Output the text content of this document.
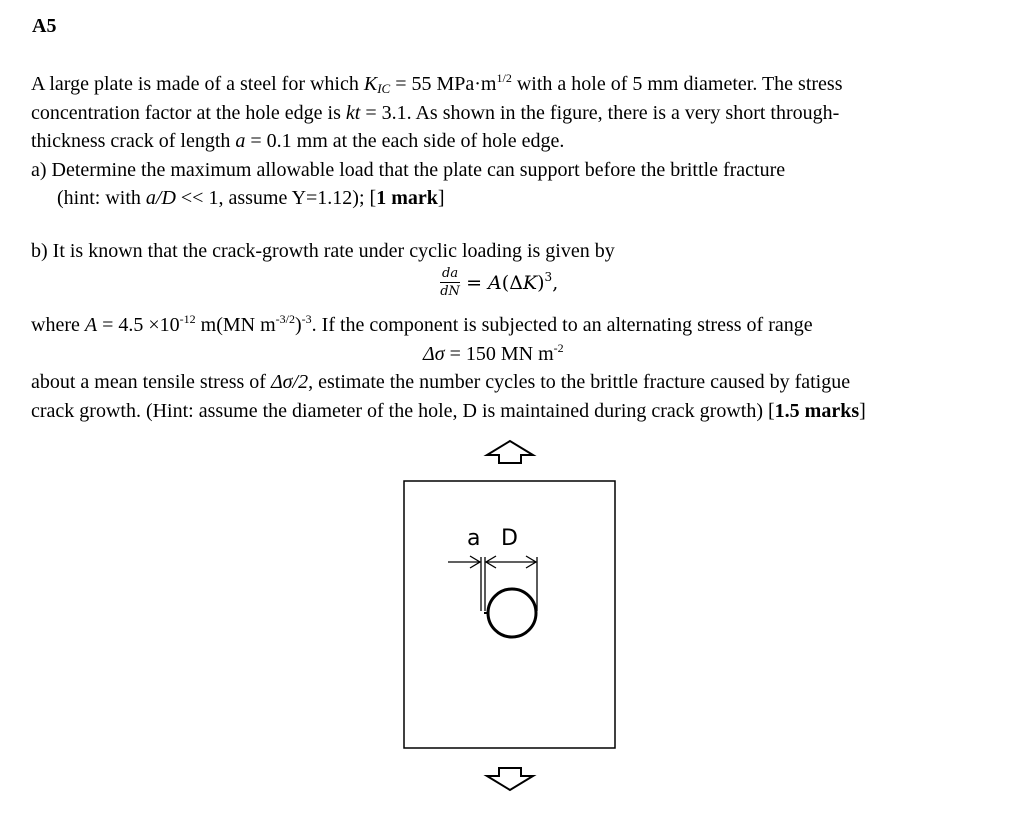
A5
A large plate is made of a steel for which $K_{IC} = 55$ $MPa\cdot m^{1/2}$ with a hole of 5 mm diameter. The stress
concentration factor at the hole edge is kt = 3.1. As shown in the figure, there is a very short through-
thickness crack of length a = 0.1 mm at the each side of hole edge.
a) Determine the maximum allowable load that the plate can support before the brittle fracture
(hint: with a/D << 1, assume Y=1.12); [1 mark]
b) It is known that the crack-growth rate under cyclic loading is given by
$\frac{da}{dN} = A(\Delta K)^3$,
where $A = 4.5 \times 10^{-12}$ m(MN $m^{-3/2})^{-3}$. If the component is subjected to an alternating stress of range
Δσ = 150 MN $m^{-2}$
about a mean tensile stress of Δσ/2, estimate the number cycles to the brittle fracture caused by fatigue
crack growth. (Hint: assume the diameter of the hole, D is maintained during crack growth) [1.5 marks]
a D
